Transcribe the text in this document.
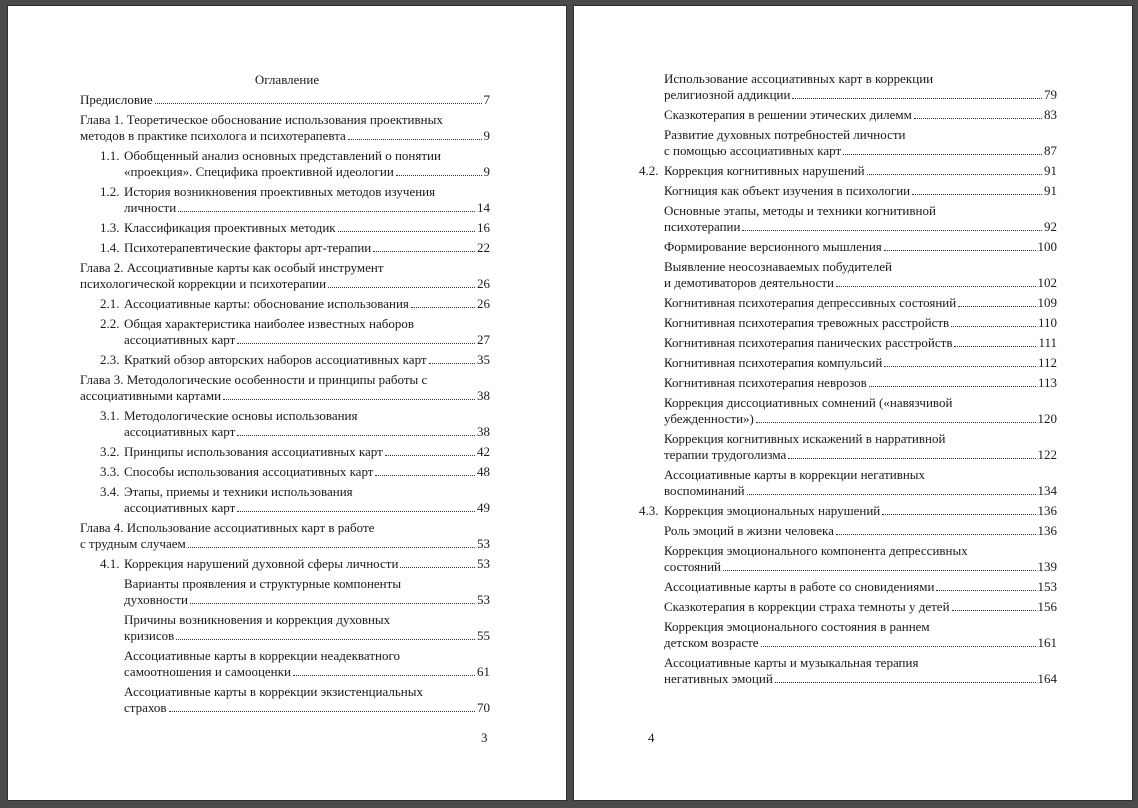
Оглавление
Предисловие	7
Глава 1. Теоретическое обоснование использования проективных
методов в практике психолога и психотерапевта	9
1.1. Обобщенный анализ основных представлений о понятии
«проекция». Специфика проективной идеологии	9
1.2. История возникновения проективных методов изучения
личности	14
1.3. Классификация проективных методик	16
1.4. Психотерапевтические факторы арт-терапии	22
Глава 2. Ассоциативные карты как особый инструмент
психологической коррекции и психотерапии	26
2.1. Ассоциативные карты: обоснование использования	26
2.2. Общая характеристика наиболее известных наборов
ассоциативных карт	27
2.3. Краткий обзор авторских наборов ассоциативных карт	35
Глава 3. Методологические особенности и принципы работы с
ассоциативными картами	38
3.1. Методологические основы использования
ассоциативных карт	38
3.2. Принципы использования ассоциативных карт	42
3.3. Способы использования ассоциативных карт	48
3.4. Этапы, приемы и техники использования
ассоциативных карт	49
Глава 4. Использование ассоциативных карт в работе
с трудным случаем	53
4.1. Коррекция нарушений духовной сферы личности	53
Варианты проявления и структурные компоненты
духовности	53
Причины возникновения и коррекция духовных
кризисов	55
Ассоциативные карты в коррекции неадекватного
самоотношения и самооценки	61
Ассоциативные карты в коррекции экзистенциальных
страхов	70
3
Использование ассоциативных карт в коррекции
религиозной аддикции	79
Сказкотерапия в решении этических дилемм	83
Развитие духовных потребностей личности
с помощью ассоциативных карт	87
4.2. Коррекция когнитивных нарушений	91
Когниция как объект изучения в психологии	91
Основные этапы, методы и техники когнитивной
психотерапии	92
Формирование версионного мышления	100
Выявление неосознаваемых побудителей
и демотиваторов деятельности	102
Когнитивная психотерапия депрессивных состояний	109
Когнитивная психотерапия тревожных расстройств	110
Когнитивная психотерапия панических расстройств	111
Когнитивная психотерапия компульсий	112
Когнитивная психотерапия неврозов	113
Коррекция диссоциативных сомнений («навязчивой
убежденности»)	120
Коррекция когнитивных искажений в нарративной
терапии трудоголизма	122
Ассоциативные карты в коррекции негативных
воспоминаний	134
4.3. Коррекция эмоциональных нарушений	136
Роль эмоций в жизни человека	136
Коррекция эмоционального компонента депрессивных
состояний	139
Ассоциативные карты в работе со сновидениями	153
Сказкотерапия в коррекции страха темноты у детей	156
Коррекция эмоционального состояния в раннем
детском возрасте	161
Ассоциативные карты и музыкальная терапия
негативных эмоций	164
4
